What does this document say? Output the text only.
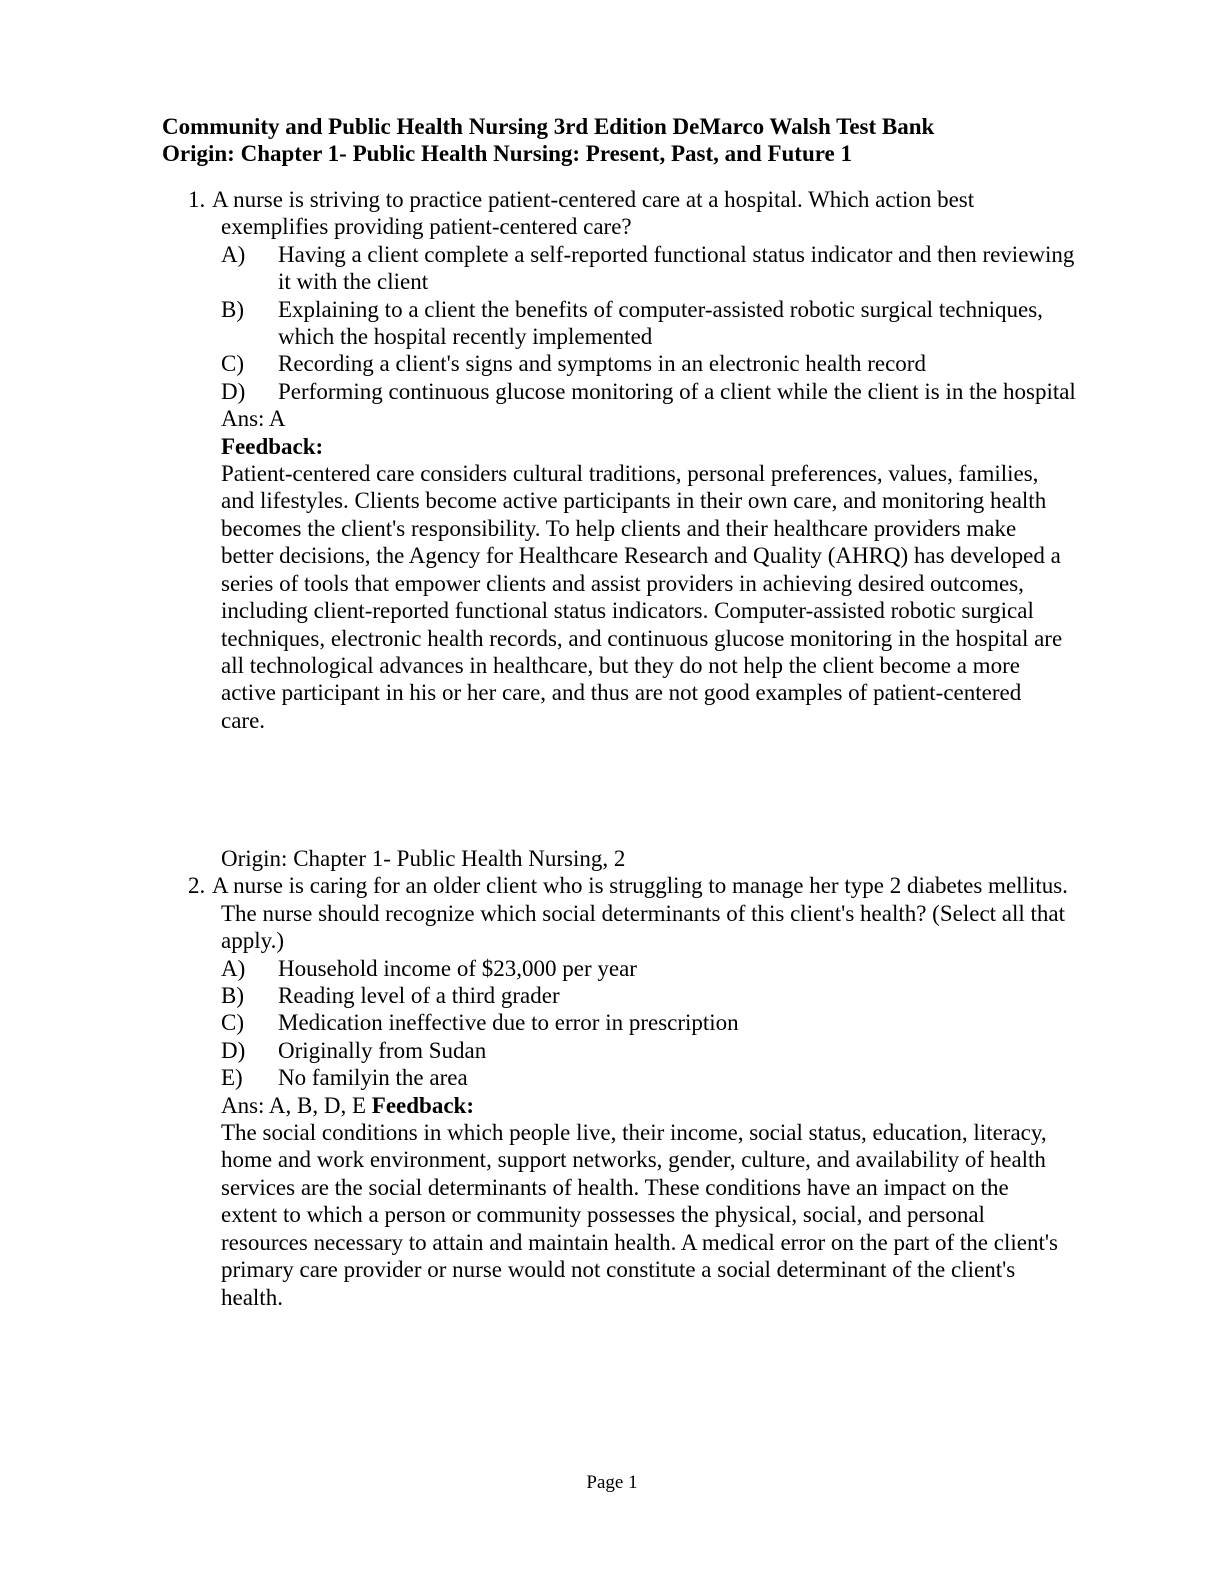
Community and Public Health Nursing 3rd Edition DeMarco Walsh Test Bank
Origin: Chapter 1- Public Health Nursing: Present, Past, and Future 1
1. A nurse is striving to practice patient-centered care at a hospital. Which action best exemplifies providing patient-centered care?
A)	Having a client complete a self-reported functional status indicator and then reviewing it with the client
B)	Explaining to a client the benefits of computer-assisted robotic surgical techniques, which the hospital recently implemented
C)	Recording a client's signs and symptoms in an electronic health record
D)	Performing continuous glucose monitoring of a client while the client is in the hospital
Ans: A
Feedback:
Patient-centered care considers cultural traditions, personal preferences, values, families, and lifestyles. Clients become active participants in their own care, and monitoring health becomes the client's responsibility. To help clients and their healthcare providers make better decisions, the Agency for Healthcare Research and Quality (AHRQ) has developed a series of tools that empower clients and assist providers in achieving desired outcomes, including client-reported functional status indicators. Computer-assisted robotic surgical techniques, electronic health records, and continuous glucose monitoring in the hospital are all technological advances in healthcare, but they do not help the client become a more active participant in his or her care, and thus are not good examples of patient-centered care.
Origin: Chapter 1- Public Health Nursing, 2
2. A nurse is caring for an older client who is struggling to manage her type 2 diabetes mellitus. The nurse should recognize which social determinants of this client's health? (Select all that apply.)
A)	Household income of $23,000 per year
B)	Reading level of a third grader
C)	Medication ineffective due to error in prescription
D)	Originally from Sudan
E)	No familyin the area
Ans: A, B, D, E Feedback:
The social conditions in which people live, their income, social status, education, literacy, home and work environment, support networks, gender, culture, and availability of health services are the social determinants of health. These conditions have an impact on the extent to which a person or community possesses the physical, social, and personal resources necessary to attain and maintain health. A medical error on the part of the client's primary care provider or nurse would not constitute a social determinant of the client's health.
Page 1
